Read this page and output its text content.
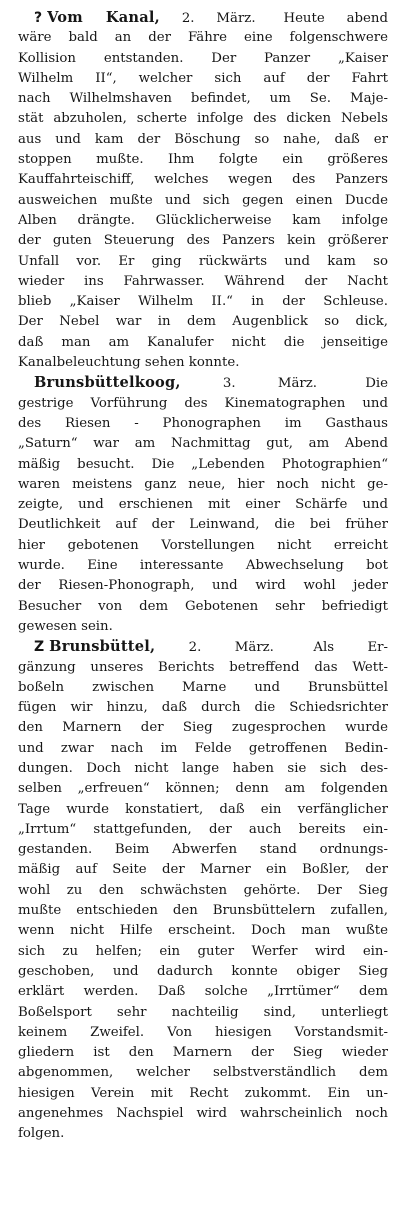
? Vom Kanal, 2. März. Heute abend
wäre bald an der Fähre eine folgenschwere
Kollision entstanden. Der Panzer „Kaiser
Wilhelm II“, welcher sich auf der Fahrt
nach Wilhelmshaven befindet, um Se. Maje-
stät abzuholen, scherte infolge des dicken Nebels
aus und kam der Böschung so nahe, daß er
stoppen mußte. Ihm folgte ein größeres
Kauffahrteischiff, welches wegen des Panzers
ausweichen mußte und sich gegen einen Ducde
Alben drängte. Glücklicherweise kam infolge
der guten Steuerung des Panzers kein größerer
Unfall vor. Er ging rückwärts und kam so
wieder ins Fahrwasser. Während der Nacht
blieb „Kaiser Wilhelm II.“ in der Schleuse.
Der Nebel war in dem Augenblick so dick,
daß man am Kanalufer nicht die jenseitige
Kanalbeleuchtung sehen konnte.
Brunsbüttelkoog,	3. März.	Die
gestrige Vorführung des Kinematographen und
des Riesen - Phonographen im Gasthaus
„Saturn“ war am Nachmittag gut, am Abend
mäßig besucht. Die „Lebenden Photographien“
waren meistens ganz neue, hier noch nicht ge-
zeigte, und erschienen mit einer Schärfe und
Deutlichkeit auf der Leinwand, die bei früher
hier gebotenen Vorstellungen nicht erreicht
wurde. Eine interessante Abwechselung bot
der Riesen-Phonograph, und wird wohl jeder
Besucher von dem Gebotenen sehr befriedigt
gewesen sein.
Z Brunsbüttel,	2. März.	Als Er-
gänzung unseres Berichts betreffend das Wett-
boßeln zwischen Marne und Brunsbüttel
fügen wir hinzu, daß durch die Schiedsrichter
den Marnern der Sieg zugesprochen wurde
und zwar nach im Felde getroffenen Bedin-
dungen. Doch nicht lange haben sie sich des-
selben „erfreuen“ können; denn am folgenden
Tage wurde konstatiert, daß ein verfänglicher
„Irrtum“ stattgefunden, der auch bereits ein-
gestanden. Beim Abwerfen stand ordnungs-
mäßig auf Seite der Marner ein Boßler, der
wohl zu den schwächsten gehörte. Der Sieg
mußte entschieden den Brunsbüttelern zufallen,
wenn nicht Hilfe erscheint. Doch man wußte
sich zu helfen; ein guter Werfer wird ein-
geschoben, und dadurch konnte obiger Sieg
erklärt werden. Daß solche „Irrtümer“ dem
Boßelsport sehr nachteilig sind, unterliegt
keinem Zweifel. Von hiesigen Vorstandsmit-
gliedern ist den Marnern der Sieg wieder
abgenommen, welcher selbstverständlich dem
hiesigen Verein mit Recht zukommt. Ein un-
angenehmes Nachspiel wird wahrscheinlich noch
folgen.
